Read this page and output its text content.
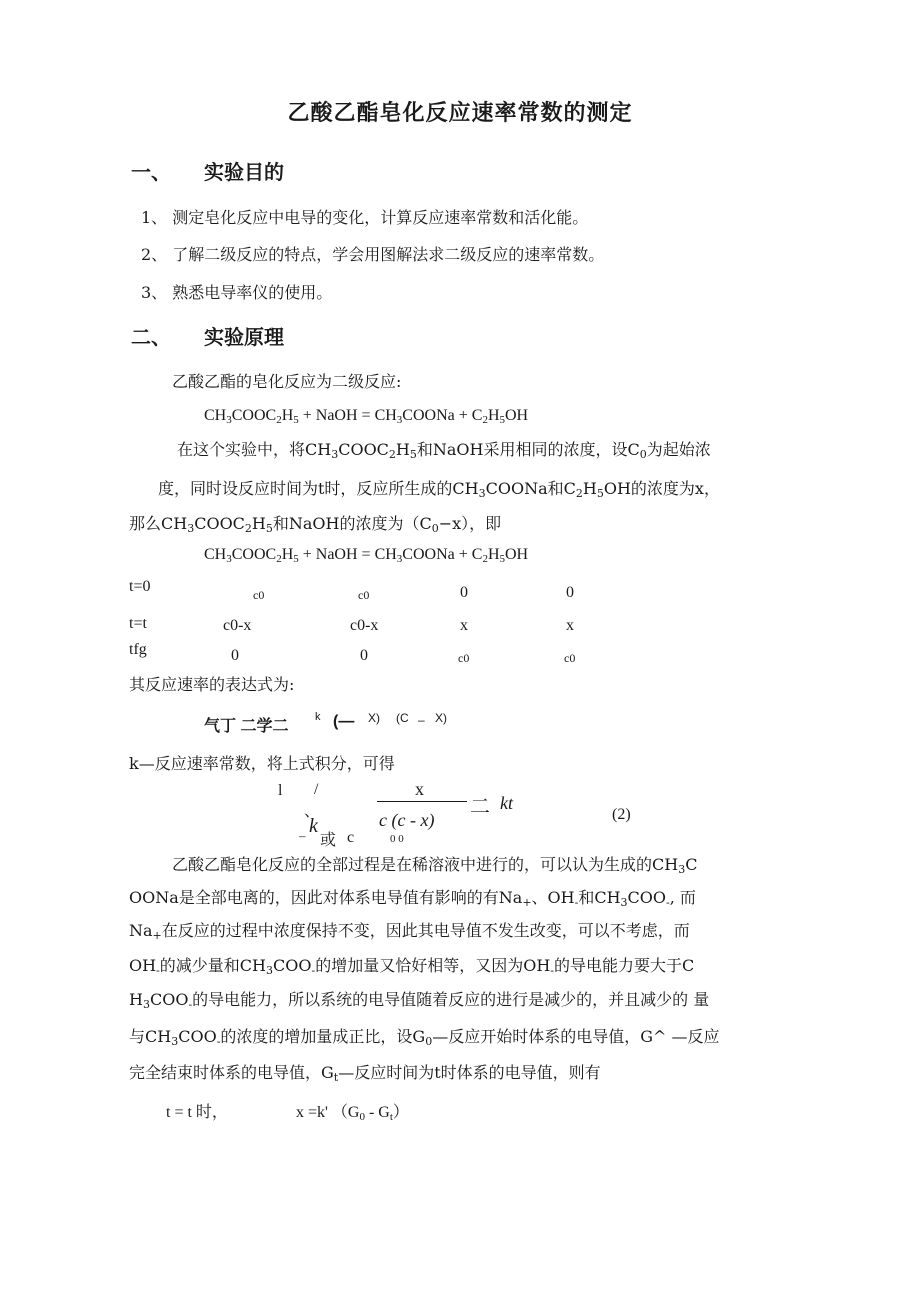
乙酸乙酯皂化反应速率常数的测定
一、 实验目的
1、 测定皂化反应中电导的变化，计算反应速率常数和活化能。
2、 了解二级反应的特点，学会用图解法求二级反应的速率常数。
3、 熟悉电导率仪的使用。
二、 实验原理
乙酸乙酯的皂化反应为二级反应:
$CH_3COOC_2H_5$ + NaOH = $CH_3COONa + C_2H_5OH$
在这个实验中，将$CH_3COOC_2H_5$和NaOH采用相同的浓度，设$C_0$为起始浓
度，同时设反应时间为t时，反应所生成的$CH_3COONa$和$C_2H_5OH$的浓度为x，
那么$CH_3COOC_2H_5$和NaOH的浓度为$(C_0-x)$，即
$CH_3COOC_2H_5$ + NaOH = $CH_3COONa + C_2H_5OH$
t=0	c0	c0	0	0
t=t	c0-x	c0-x	x	x
tfg	0	0	c0	c0
其反应速率的表达式为:
气丁 二学二
k (— X) (C – X)
k—反应速率常数，将上式积分，可得
l /
、
– k
或 c
x
c (c - x)
0 0
二 kt
(2)
乙酸乙酯皂化反应的全部过程是在稀溶液中进行的，可以认为生成的$CH_3C$
OONa是全部电离的，因此对体系电导值有影响的有$Na_+$、$OH_-$和$CH_3COO_-$, 而
$Na_+$在反应的过程中浓度保持不变，因此其电导值不发生改变，可以不考虑，而
$OH_-$的减少量和$CH_3COO_-$的增加量又恰好相等，又因为$OH_-$的导电能力要大于C
$H_3COO_-$的导电能力，所以系统的电导值随着反应的进行是减少的，并且减少的 量
与$CH_3COO_-$的浓度的增加量成正比，设$G_0—$反应开始时体系的电导值，G^ —反应
完全结束时体系的电导值，$G_t—$反应时间为t时体系的电导值，则有
t = t 时，	x =k' $(G_0 - G_t)$
